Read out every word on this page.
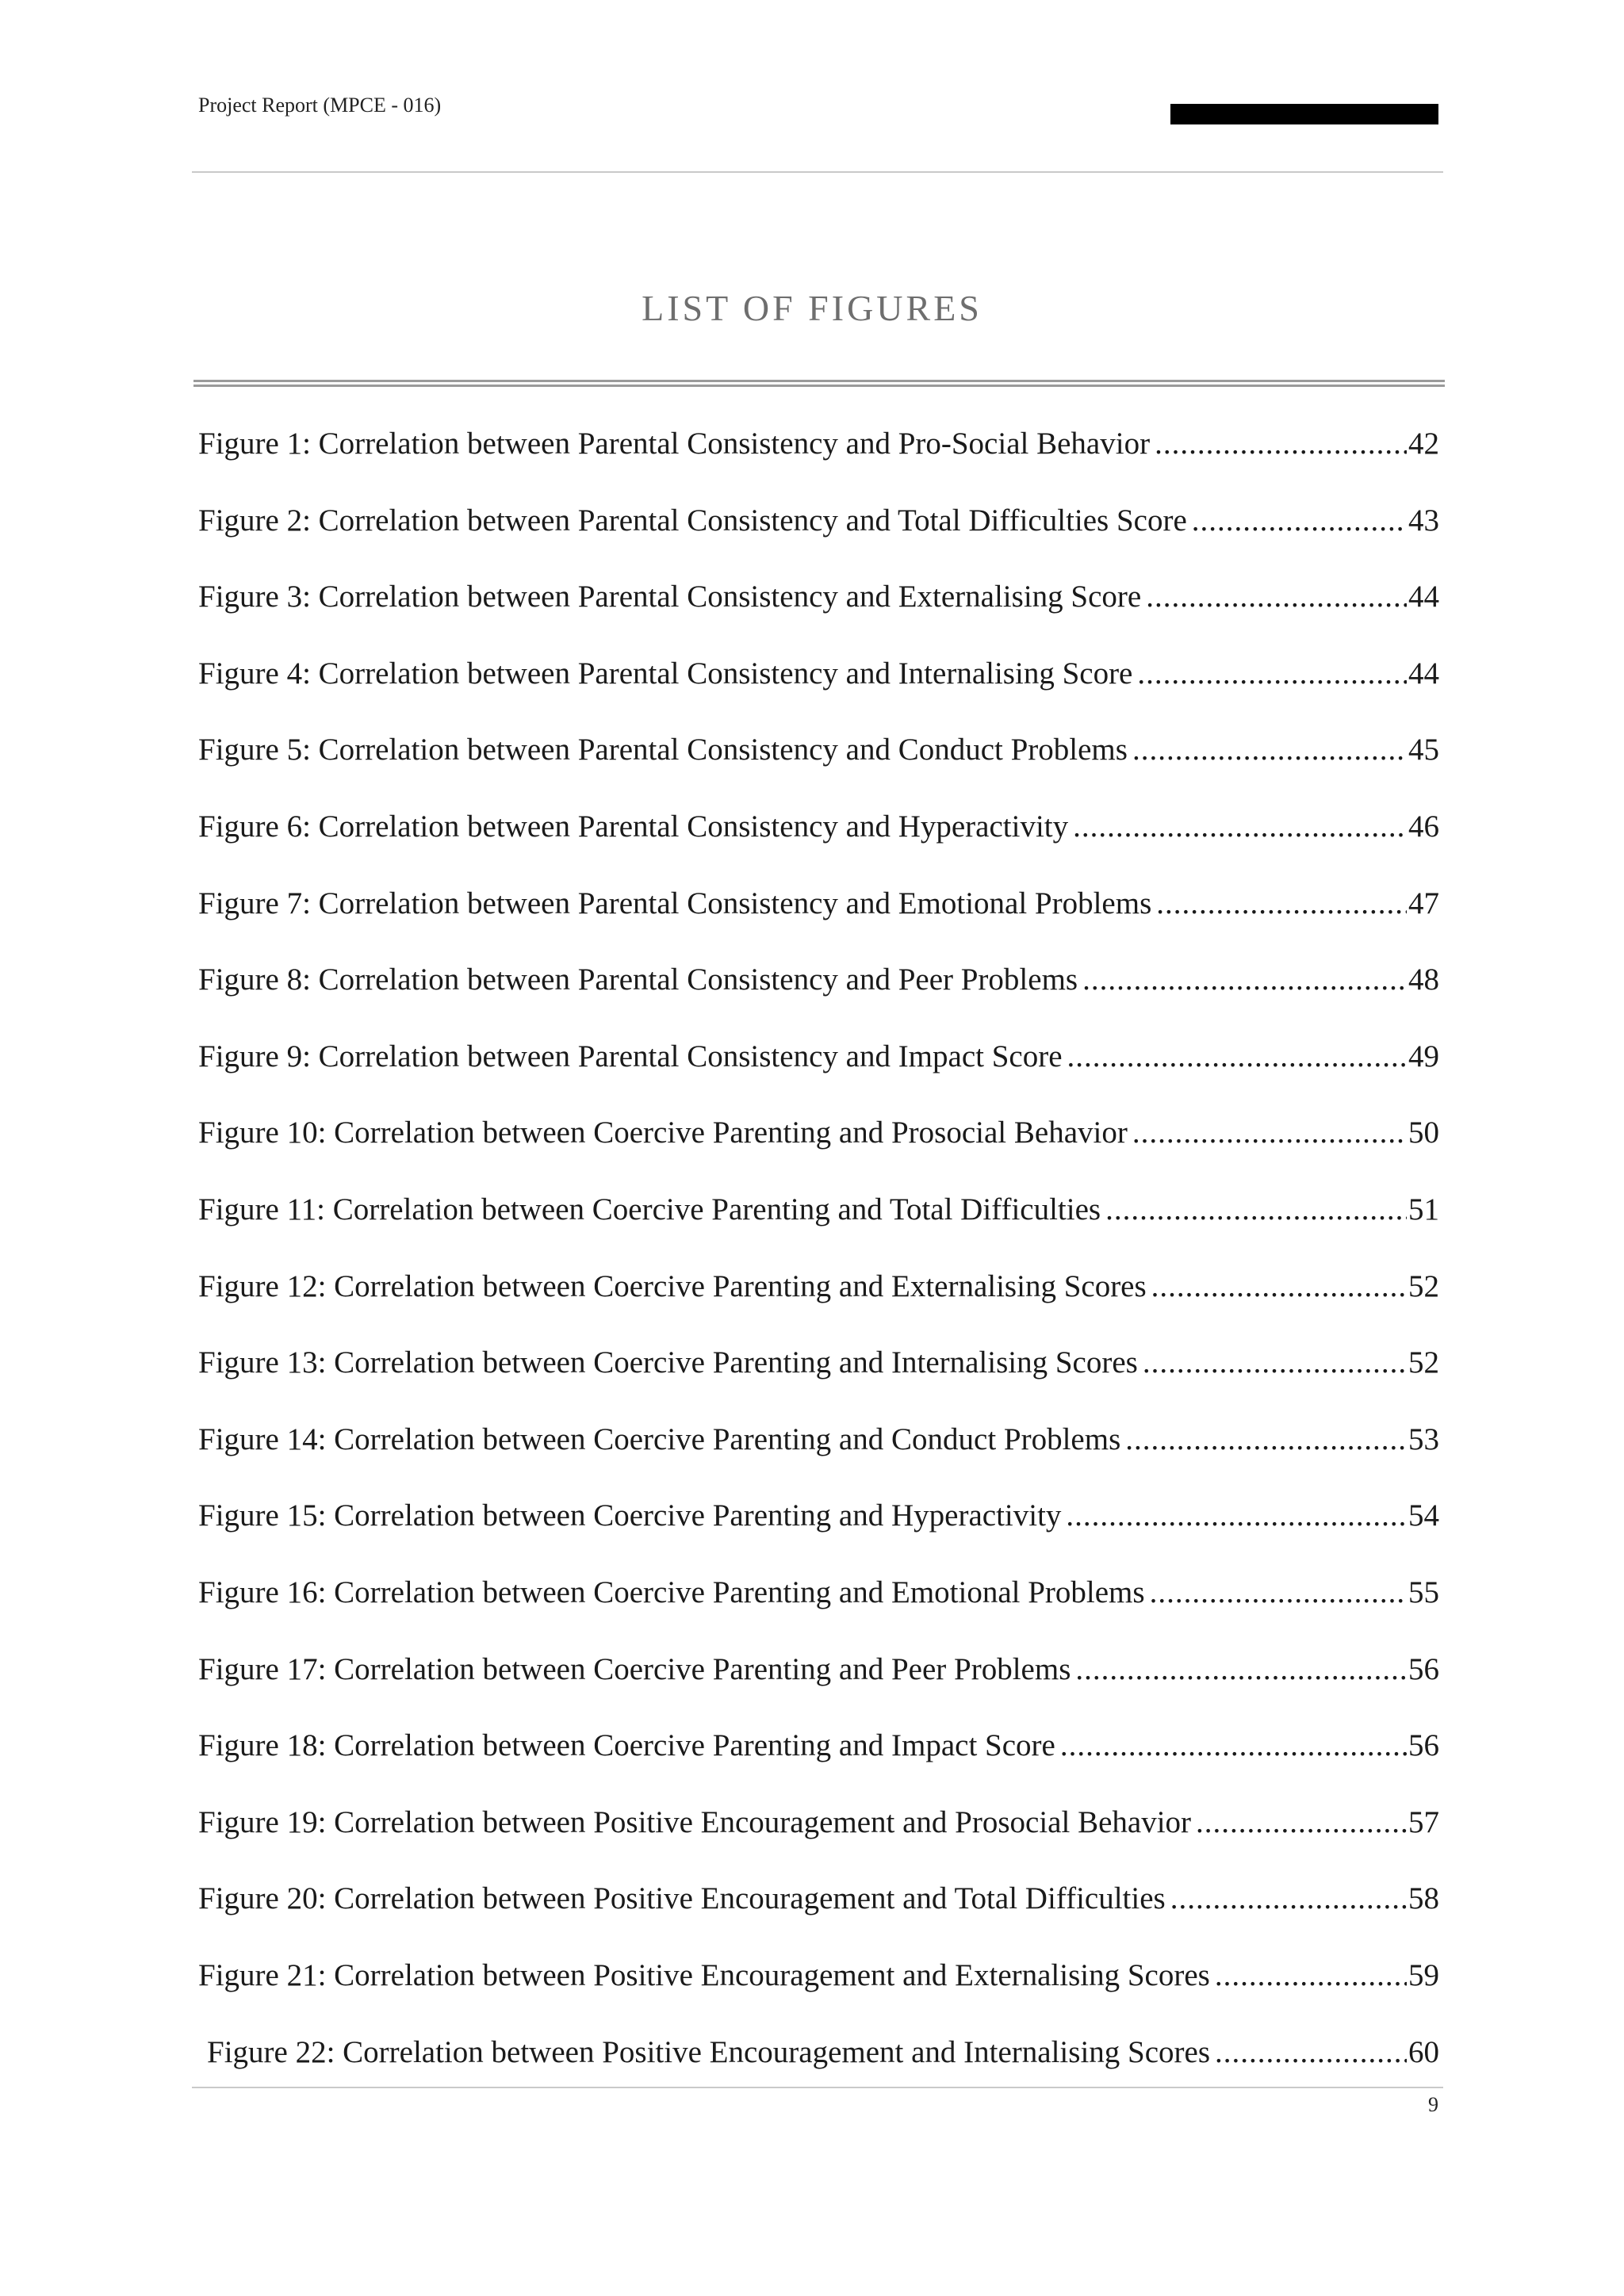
Project Report (MPCE - 016)
LIST OF FIGURES
Figure 1: Correlation between Parental Consistency and Pro-Social Behavior .....	42
Figure 2: Correlation between Parental Consistency and Total Difficulties Score .....	43
Figure 3: Correlation between Parental Consistency and Externalising Score .....	44
Figure 4: Correlation between Parental Consistency and Internalising Score .....	44
Figure 5: Correlation between Parental Consistency and Conduct Problems .....	45
Figure 6: Correlation between Parental Consistency and Hyperactivity .....	46
Figure 7: Correlation between Parental Consistency and Emotional Problems .....	47
Figure 8: Correlation between Parental Consistency and Peer Problems .....	48
Figure 9: Correlation between Parental Consistency and Impact Score .....	49
Figure 10: Correlation between Coercive Parenting and Prosocial Behavior .....	50
Figure 11: Correlation between Coercive Parenting and Total Difficulties .....	51
Figure 12: Correlation between Coercive Parenting and Externalising Scores .....	52
Figure 13: Correlation between Coercive Parenting and Internalising Scores .....	52
Figure 14: Correlation between Coercive Parenting and Conduct Problems .....	53
Figure 15: Correlation between Coercive Parenting and Hyperactivity .....	54
Figure 16: Correlation between Coercive Parenting and Emotional Problems .....	55
Figure 17: Correlation between Coercive Parenting and Peer Problems .....	56
Figure 18: Correlation between Coercive Parenting and Impact Score .....	56
Figure 19: Correlation between Positive Encouragement and Prosocial Behavior .....	57
Figure 20: Correlation between Positive Encouragement and Total Difficulties .....	58
Figure 21: Correlation between Positive Encouragement and Externalising Scores .....	59
Figure 22: Correlation between Positive Encouragement and Internalising Scores .....	60
9
